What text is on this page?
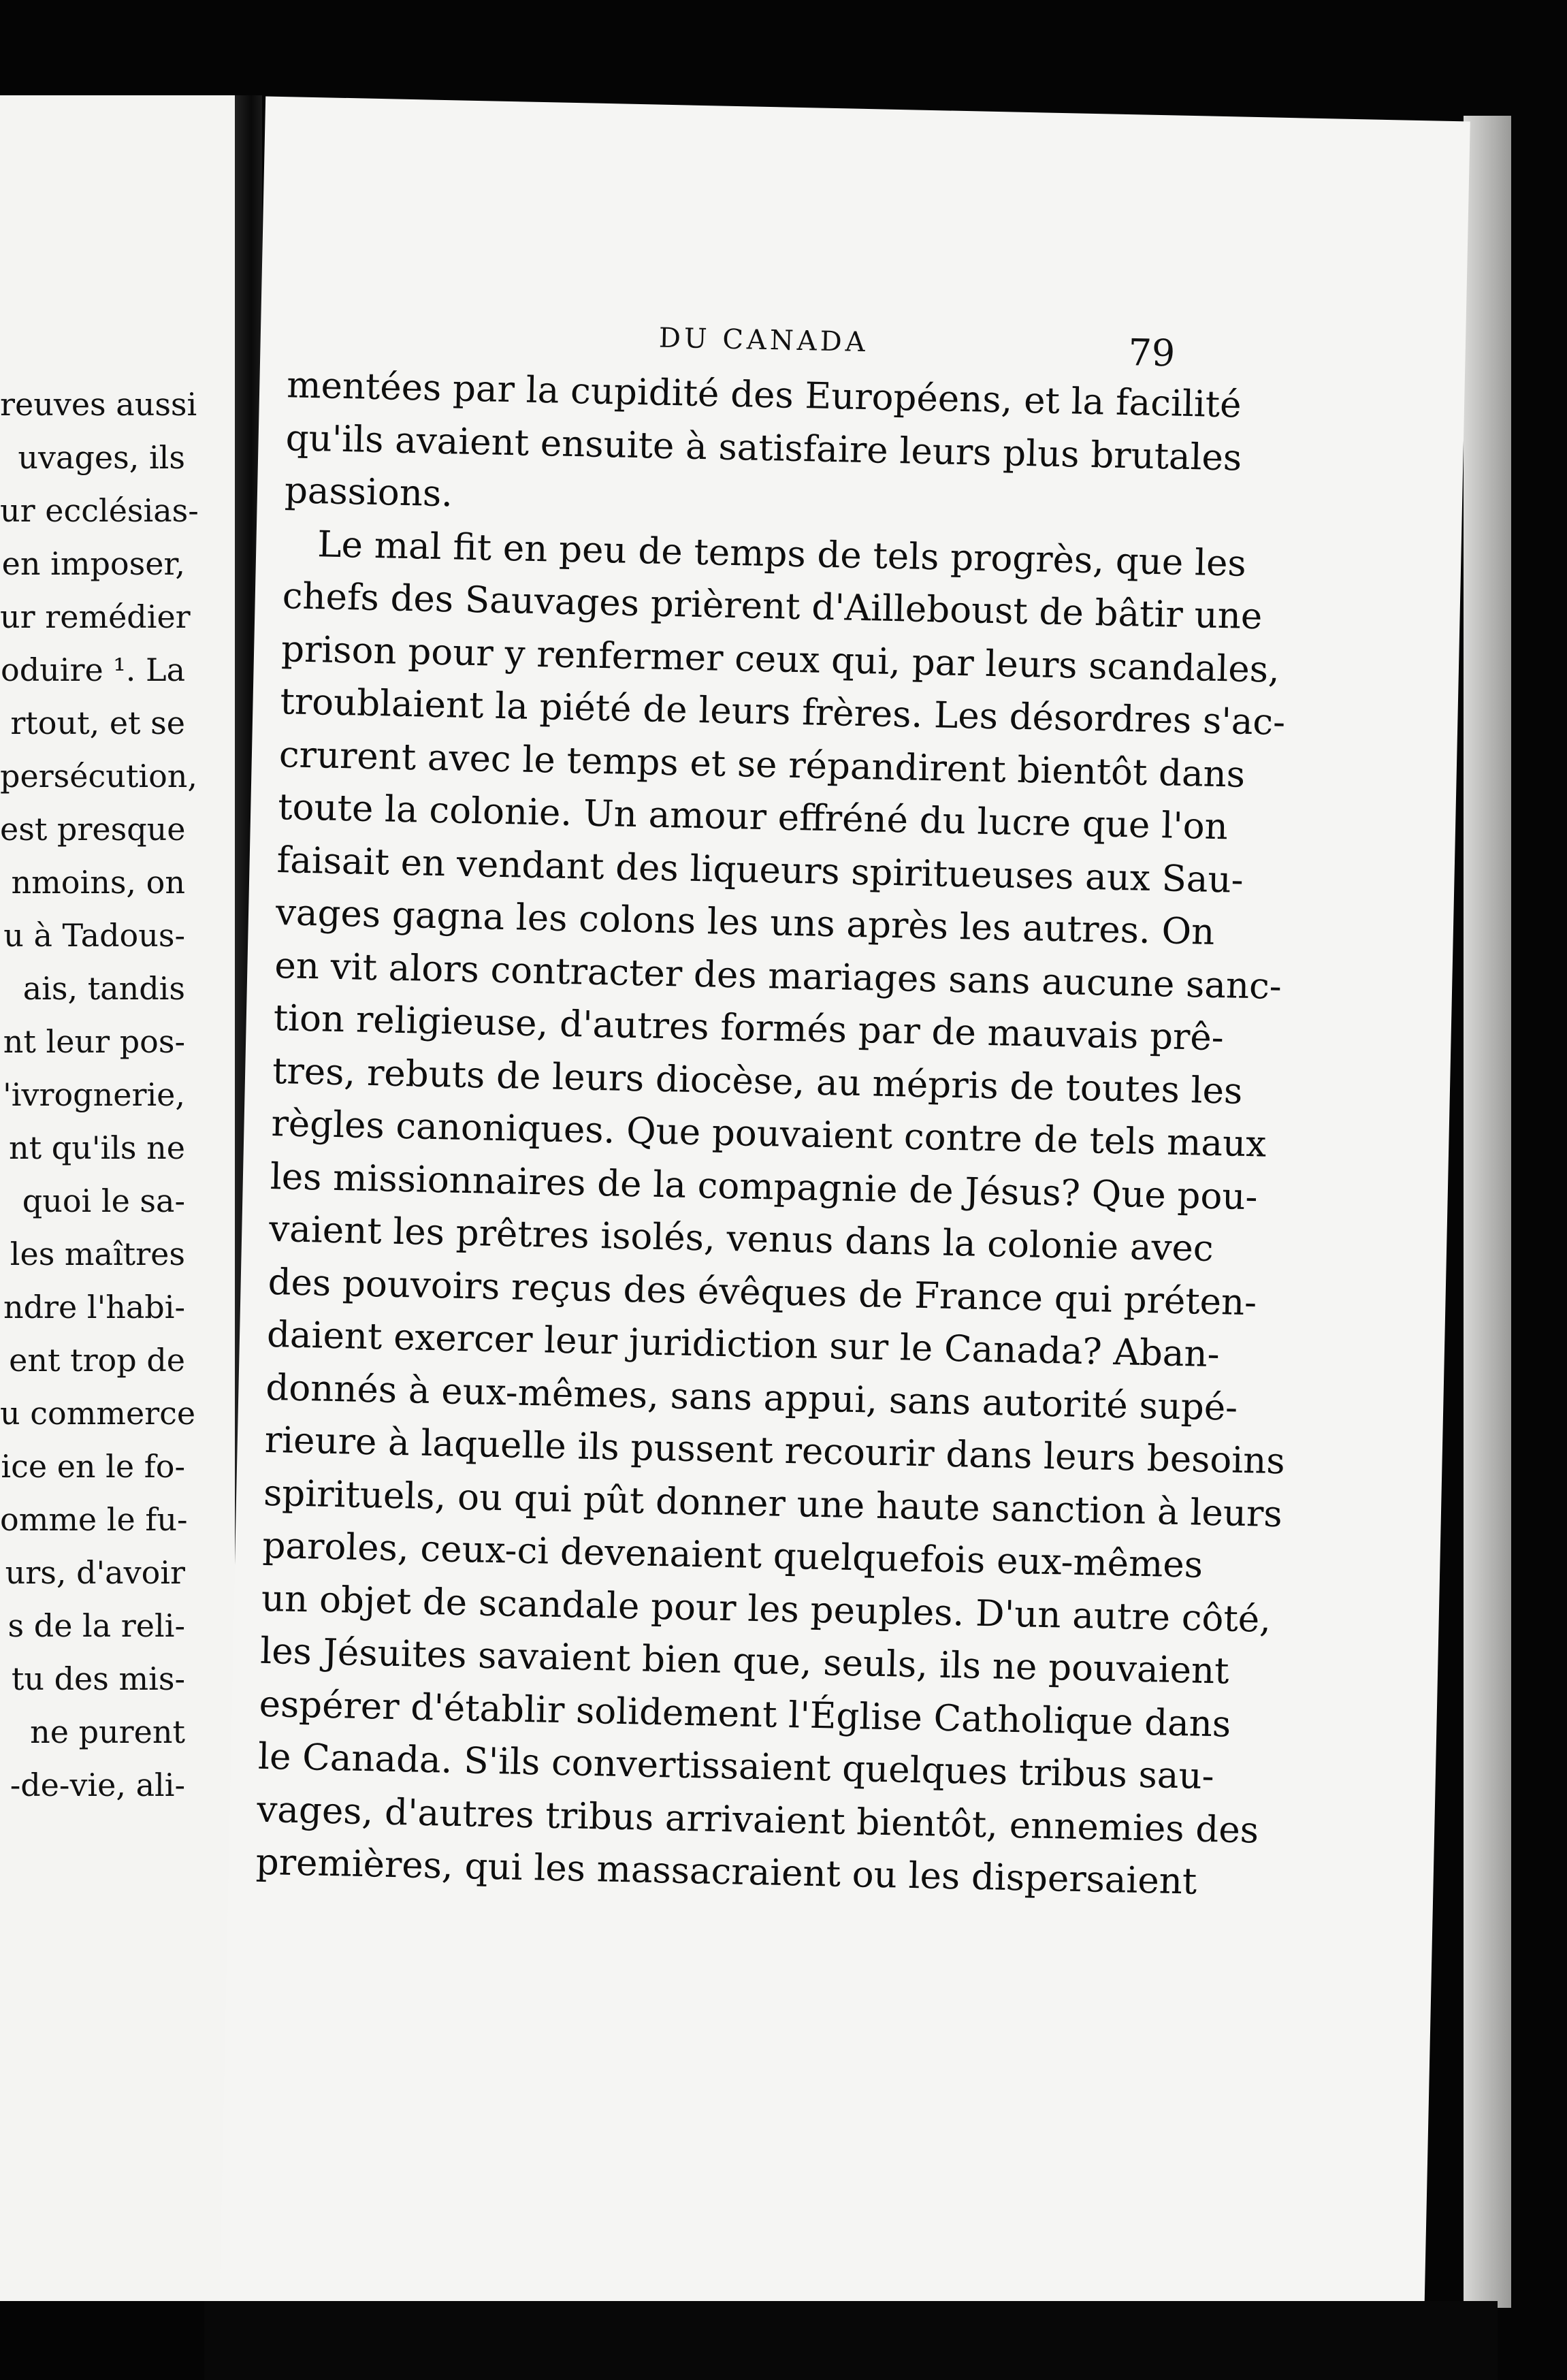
reuves aussi
uvages, ils
ur ecclésias-
en imposer,
ur remédier
oduire ¹. La
rtout, et se
persécution,
est presque
nmoins, on
u à Tadous-
ais, tandis
nt leur pos-
'ivrognerie,
nt qu'ils ne
quoi le sa-
les maîtres
ndre l'habi-
ent trop de
u commerce
ice en le fo-
omme le fu-
urs, d'avoir
s de la reli-
tu des mis-
ne purent
-de-vie, ali-
DU CANADA	79
mentées par la cupidité des Européens, et la facilité
qu'ils avaient ensuite à satisfaire leurs plus brutales
passions.
Le mal fit en peu de temps de tels progrès, que les
chefs des Sauvages prièrent d'Ailleboust de bâtir une
prison pour y renfermer ceux qui, par leurs scandales,
troublaient la piété de leurs frères. Les désordres s'ac-
crurent avec le temps et se répandirent bientôt dans
toute la colonie. Un amour effréné du lucre que l'on
faisait en vendant des liqueurs spiritueuses aux Sau-
vages gagna les colons les uns après les autres. On
en vit alors contracter des mariages sans aucune sanc-
tion religieuse, d'autres formés par de mauvais prê-
tres, rebuts de leurs diocèse, au mépris de toutes les
règles canoniques. Que pouvaient contre de tels maux
les missionnaires de la compagnie de Jésus? Que pou-
vaient les prêtres isolés, venus dans la colonie avec
des pouvoirs reçus des évêques de France qui préten-
daient exercer leur juridiction sur le Canada? Aban-
donnés à eux-mêmes, sans appui, sans autorité supé-
rieure à laquelle ils pussent recourir dans leurs besoins
spirituels, ou qui pût donner une haute sanction à leurs
paroles, ceux-ci devenaient quelquefois eux-mêmes
un objet de scandale pour les peuples. D'un autre côté,
les Jésuites savaient bien que, seuls, ils ne pouvaient
espérer d'établir solidement l'Église Catholique dans
le Canada. S'ils convertissaient quelques tribus sau-
vages, d'autres tribus arrivaient bientôt, ennemies des
premières, qui les massacraient ou les dispersaient
